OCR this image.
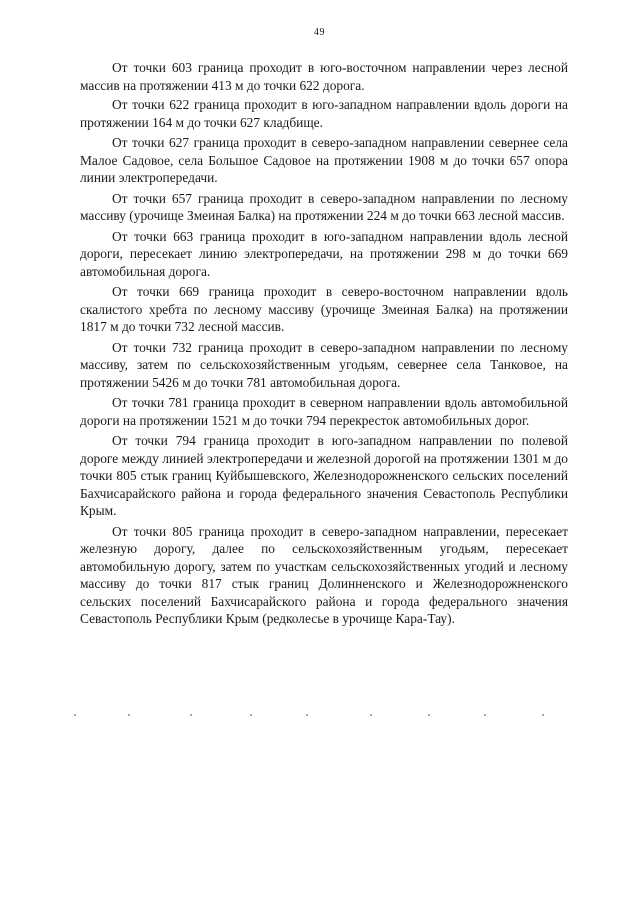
49

От точки 603 граница проходит в юго-восточном направлении через лесной массив на протяжении 413 м до точки 622 дорога.

От точки 622 граница проходит в юго-западном направлении вдоль дороги на протяжении 164 м до точки 627 кладбище.

От точки 627 граница проходит в северо-западном направлении севернее села Малое Садовое, села Большое Садовое на протяжении 1908 м до точки 657 опора линии электропередачи.

От точки 657 граница проходит в северо-западном направлении по лесному массиву (урочище Змеиная Балка) на протяжении 224 м до точки 663 лесной массив.

От точки 663 граница проходит в юго-западном направлении вдоль лесной дороги, пересекает линию электропередачи, на протяжении 298 м до точки 669 автомобильная дорога.

От точки 669 граница проходит в северо-восточном направлении вдоль скалистого хребта по лесному массиву (урочище Змеиная Балка) на протяжении 1817 м до точки 732 лесной массив.

От точки 732 граница проходит в северо-западном направлении по лесному массиву, затем по сельскохозяйственным угодьям, севернее села Танковое, на протяжении 5426 м до точки 781 автомобильная дорога.

От точки 781 граница проходит в северном направлении вдоль автомобильной дороги на протяжении 1521 м до точки 794 перекресток автомобильных дорог.

От точки 794 граница проходит в юго-западном направлении по полевой дороге между линией электропередачи и железной дорогой на протяжении 1301 м до точки 805 стык границ Куйбышевского, Железнодорожненского сельских поселений Бахчисарайского района и города федерального значения Севастополь Республики Крым.

От точки 805 граница проходит в северо-западном направлении, пересекает железную дорогу, далее по сельскохозяйственным угодьям, пересекает автомобильную дорогу, затем по участкам сельскохозяйственных угодий и лесному массиву до точки 817 стык границ Долинненского и Железнодорожненского сельских поселений Бахчисарайского района и города федерального значения Севастополь Республики Крым (редколесье в урочище Кара-Тау).
